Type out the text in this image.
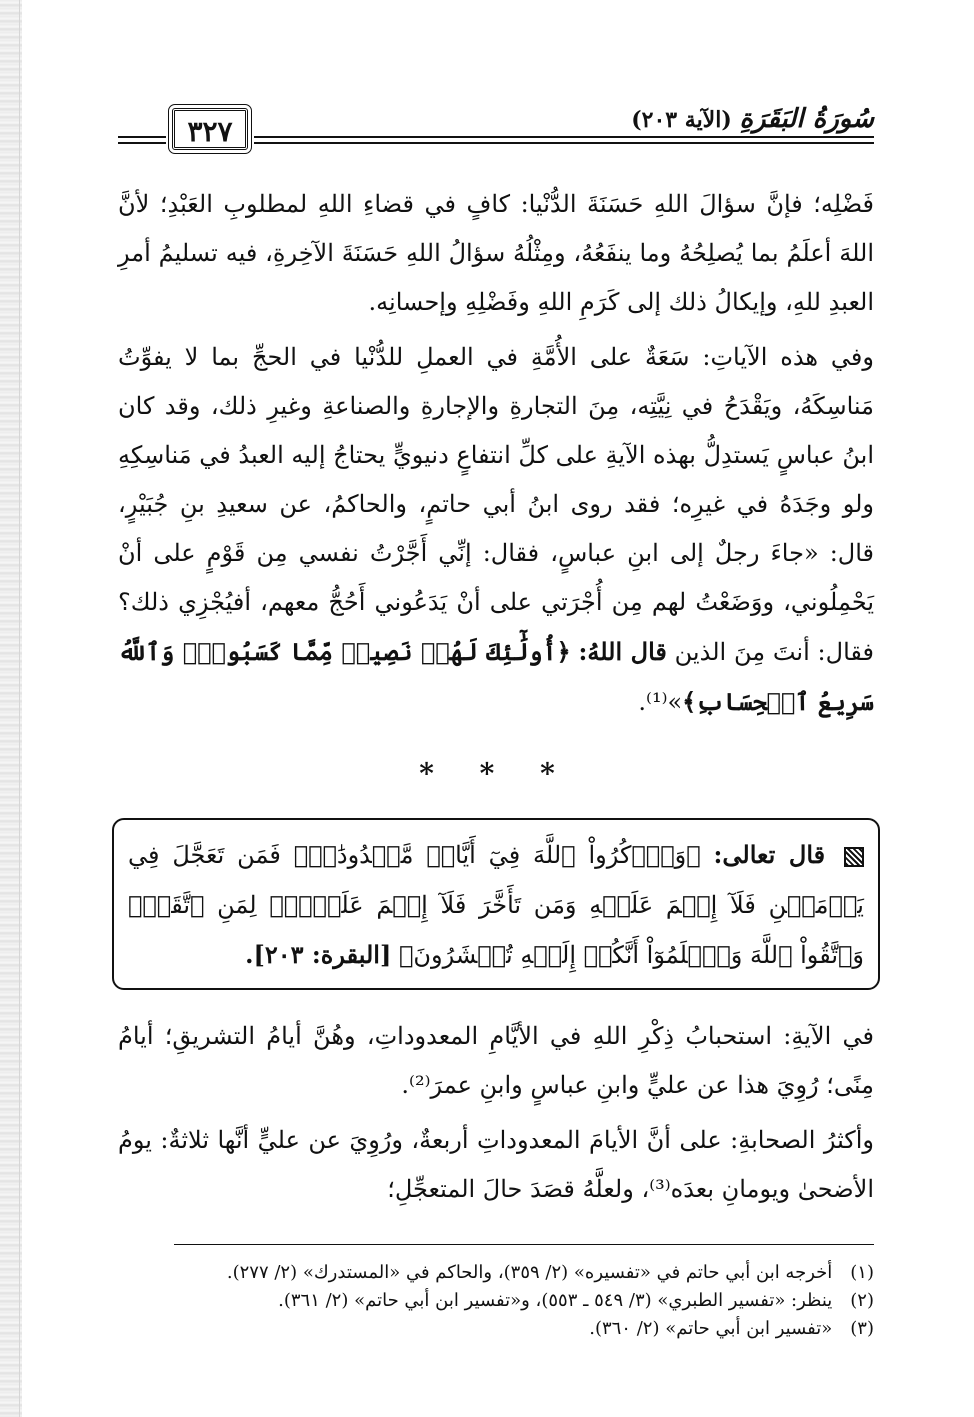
سُورَةُ البَقَرَةِ (الآية ٢٠٣)
٣٢٧

فَضْلِه؛ فإنَّ سؤالَ اللهِ حَسَنَةَ الدُّنْيا: كافٍ في قضاءِ اللهِ لمطلوبِ العَبْدِ؛ لأنَّ اللهَ أعلَمُ بما يُصلِحُهُ وما ينفَعُهُ، ومِثْلُهُ سؤالُ اللهِ حَسَنَةَ الآخِرةِ، فيه تسليمُ أمرِ العبدِ للهِ، وإيكالُ ذلك إلى كَرَمِ اللهِ وفَضْلِهِ وإحسانِه.

وفي هذه الآياتِ: سَعَةٌ على الأُمَّةِ في العملِ للدُّنْيا في الحجِّ بما لا يفوِّتُ مَناسِكَهُ، ويَقْدَحُ في نِيَّتِه، مِنَ التجارةِ والإجارةِ والصناعةِ وغيرِ ذلك، وقد كان ابنُ عباسٍ يَستدِلُّ بهذه الآيةِ على كلِّ انتفاعٍ دنيويٍّ يحتاجُ إليه العبدُ في مَناسِكِهِ ولو وجَدَهُ في غيرِه؛ فقد روى ابنُ أبي حاتمٍ، والحاكمُ، عن سعيدِ بنِ جُبَيْرٍ، قال: «جاءَ رجلٌ إلى ابنِ عباسٍ، فقال: إنِّي أَجَّرْتُ نفسي مِن قَوْمٍ على أنْ يَحْمِلُوني، ووَضَعْتُ لهم مِن أُجْرَتي على أنْ يَدَعُوني أَحُجُّ معهم، أفيُجْزِي ذلك؟ فقال: أنتَ مِنَ الذين قال اللهُ: ﴿أُولَٰٓئِكَ لَهُمۡ نَصِيبٞ مِّمَّا كَسَبُواْۚ وَٱللَّهُ سَرِيعُ ٱلۡحِسَابِ﴾»⁽¹⁾.

* * *

قال تعالى: ﴿وَٱذۡكُرُواْ ٱللَّهَ فِيٓ أَيَّامٖ مَّعۡدُودَٰتٖۚ فَمَن تَعَجَّلَ فِي يَوۡمَيۡنِ فَلَآ إِثۡمَ عَلَيۡهِ وَمَن تَأَخَّرَ فَلَآ إِثۡمَ عَلَيۡهِۖ لِمَنِ ٱتَّقَىٰۗ وَٱتَّقُواْ ٱللَّهَ وَٱعۡلَمُوٓاْ أَنَّكُمۡ إِلَيۡهِ تُحۡشَرُونَ﴾ [البقرة: ٢٠٣].

في الآيةِ: استحبابُ ذِكْرِ اللهِ في الأيَّامِ المعدوداتِ، وهُنَّ أيامُ التشريقِ؛ أيامُ مِنًى؛ رُوِيَ هذا عن عليٍّ وابنِ عباسٍ وابنِ عمرَ⁽²⁾.

وأكثرُ الصحابةِ: على أنَّ الأيامَ المعدوداتِ أربعةٌ، ورُوِيَ عن عليٍّ أنَّها ثلاثةٌ: يومُ الأضحىٰ ويومانِ بعدَه⁽³⁾، ولعلَّهُ قصَدَ حالَ المتعجِّلِ؛

(١) أخرجه ابن أبي حاتم في «تفسيره» (٢/ ٣٥٩)، والحاكم في «المستدرك» (٢/ ٢٧٧).

(٢) ينظر: «تفسير الطبري» (٣/ ٥٤٩ ـ ٥٥٣)، و«تفسير ابن أبي حاتم» (٢/ ٣٦١).

(٣) «تفسير ابن أبي حاتم» (٢/ ٣٦٠).
